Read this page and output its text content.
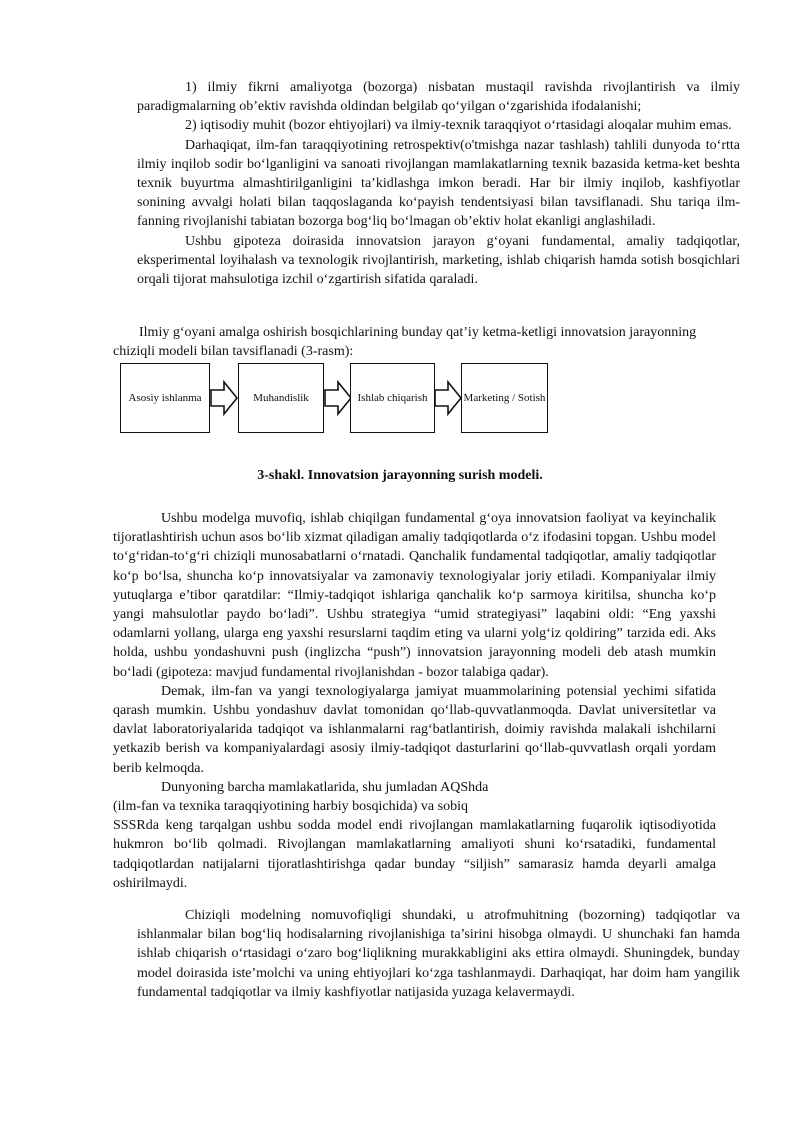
1) ilmiy fikrni amaliyotga (bozorga) nisbatan mustaqil ravishda rivojlantirish va ilmiy paradigmalarning ob’ektiv ravishda oldindan belgilab qo‘yilgan o‘zgarishida ifodalanishi;

2) iqtisodiy muhit (bozor ehtiyojlari) va ilmiy-texnik taraqqiyot o‘rtasidagi aloqalar muhim emas.

Darhaqiqat, ilm-fan taraqqiyotining retrospektiv(o'tmishga nazar tashlash) tahlili dunyoda to‘rtta ilmiy inqilob sodir bo‘lganligini va sanoati rivojlangan mamlakatlarning texnik bazasida ketma-ket beshta texnik buyurtma almashtirilganligini ta’kidlashga imkon beradi. Har bir ilmiy inqilob, kashfiyotlar sonining avvalgi holati bilan taqqoslaganda ko‘payish tendentsiyasi bilan tavsiflanadi. Shu tariqa ilm-fanning rivojlanishi tabiatan bozorga bog‘liq bo‘lmagan ob’ektiv holat ekanligi anglashiladi.

Ushbu gipoteza doirasida innovatsion jarayon g‘oyani fundamental, amaliy tadqiqotlar, eksperimental loyihalash va texnologik rivojlantirish, marketing, ishlab chiqarish hamda sotish bosqichlari orqali tijorat mahsulotiga izchil o‘zgartirish sifatida qaraladi.

Ilmiy g‘oyani amalga oshirish bosqichlarining bunday qat’iy ketma-ketligi innovatsion jarayonning chiziqli modeli bilan tavsiflanadi (3-rasm):

Asosiy ishlanma	Muhandislik	Ishlab chiqarish	Marketing / Sotish
3-shakl. Innovatsion jarayonning surish modeli.

Ushbu modelga muvofiq, ishlab chiqilgan fundamental g‘oya innovatsion faoliyat va keyinchalik tijoratlashtirish uchun asos bo‘lib xizmat qiladigan amaliy tadqiqotlarda o‘z ifodasini topgan. Ushbu model to‘g‘ridan-to‘g‘ri chiziqli munosabatlarni o‘rnatadi. Qanchalik fundamental tadqiqotlar, amaliy tadqiqotlar ko‘p bo‘lsa, shuncha ko‘p innovatsiyalar va zamonaviy texnologiyalar joriy etiladi. Kompaniyalar ilmiy yutuqlarga e’tibor qaratdilar: “Ilmiy-tadqiqot ishlariga qanchalik ko‘p sarmoya kiritilsa, shuncha ko‘p yangi mahsulotlar paydo bo‘ladi”. Ushbu strategiya “umid strategiyasi” laqabini oldi: “Eng yaxshi odamlarni yollang, ularga eng yaxshi resurslarni taqdim eting va ularni yolg‘iz qoldiring” tarzida edi. Aks holda, ushbu yondashuvni push (inglizcha “push”) innovatsion jarayonning modeli deb atash mumkin bo‘ladi (gipoteza: mavjud fundamental rivojlanishdan - bozor talabiga qadar).

Demak, ilm-fan va yangi texnologiyalarga jamiyat muammolarining potensial yechimi sifatida qarash mumkin. Ushbu yondashuv davlat tomonidan qo‘llab-quvvatlanmoqda. Davlat universitetlar va davlat laboratoriyalarida tadqiqot va ishlanmalarni rag‘batlantirish, doimiy ravishda malakali ishchilarni yetkazib berish va kompaniyalardagi asosiy ilmiy-tadqiqot dasturlarini qo‘llab-quvvatlash orqali yordam berib kelmoqda.

Dunyoning barcha mamlakatlarida, shu jumladan AQShda

(ilm-fan va texnika taraqqiyotining harbiy bosqichida) va sobiq

SSSRda keng tarqalgan ushbu sodda model endi rivojlangan mamlakatlarning fuqarolik iqtisodiyotida hukmron bo‘lib qolmadi. Rivojlangan mamlakatlarning amaliyoti shuni ko‘rsatadiki, fundamental tadqiqotlardan natijalarni tijoratlashtirishga qadar bunday “siljish” samarasiz hamda deyarli amalga oshirilmaydi.

Chiziqli modelning nomuvofiqligi shundaki, u atrofmuhitning (bozorning) tadqiqotlar va ishlanmalar bilan bog‘liq hodisalarning rivojlanishiga ta’sirini hisobga olmaydi. U shunchaki fan hamda ishlab chiqarish o‘rtasidagi o‘zaro bog‘liqlikning murakkabligini aks ettira olmaydi. Shuningdek, bunday model doirasida iste’molchi va uning ehtiyojlari ko‘zga tashlanmaydi. Darhaqiqat, har doim ham yangilik fundamental tadqiqotlar va ilmiy kashfiyotlar natijasida yuzaga kelavermaydi.
